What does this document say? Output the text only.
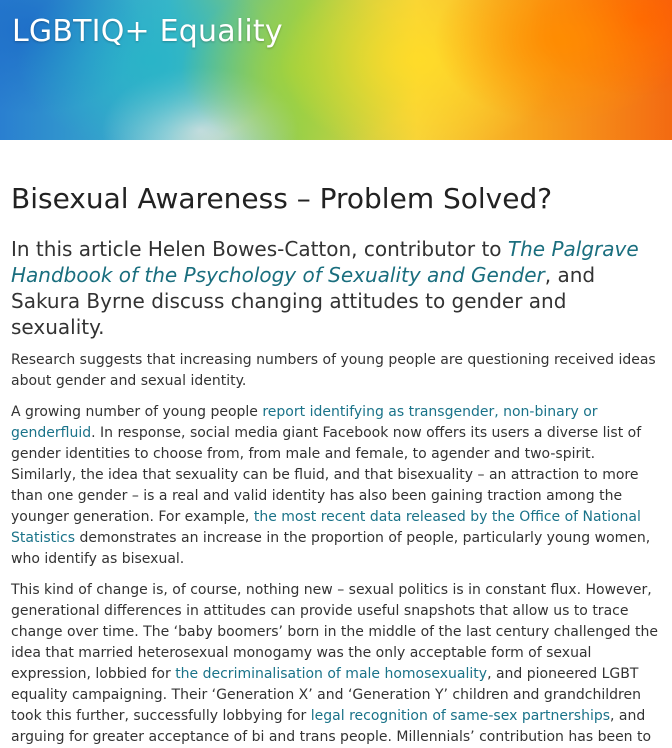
LGBTIQ+ Equality
Bisexual Awareness – Problem Solved?

In this article Helen Bowes-Catton, contributor to The Palgrave Handbook of the Psychology of Sexuality and Gender, and Sakura Byrne discuss changing attitudes to gender and sexuality.

Research suggests that increasing numbers of young people are questioning received ideas about gender and sexual identity.

A growing number of young people report identifying as transgender, non-binary or genderfluid. In response, social media giant Facebook now offers its users a diverse list of gender identities to choose from, from male and female, to agender and two-spirit. Similarly, the idea that sexuality can be fluid, and that bisexuality – an attraction to more than one gender – is a real and valid identity has also been gaining traction among the younger generation. For example, the most recent data released by the Office of National Statistics demonstrates an increase in the proportion of people, particularly young women, who identify as bisexual.

This kind of change is, of course, nothing new – sexual politics is in constant flux. However, generational differences in attitudes can provide useful snapshots that allow us to trace change over time. The ‘baby boomers’ born in the middle of the last century challenged the idea that married heterosexual monogamy was the only acceptable form of sexual expression, lobbied for the decriminalisation of male homosexuality, and pioneered LGBT equality campaigning. Their ‘Generation X’ and ‘Generation Y’ children and grandchildren took this further, successfully lobbying for legal recognition of same-sex partnerships, and arguing for greater acceptance of bi and trans people. Millennials’ contribution has been to
